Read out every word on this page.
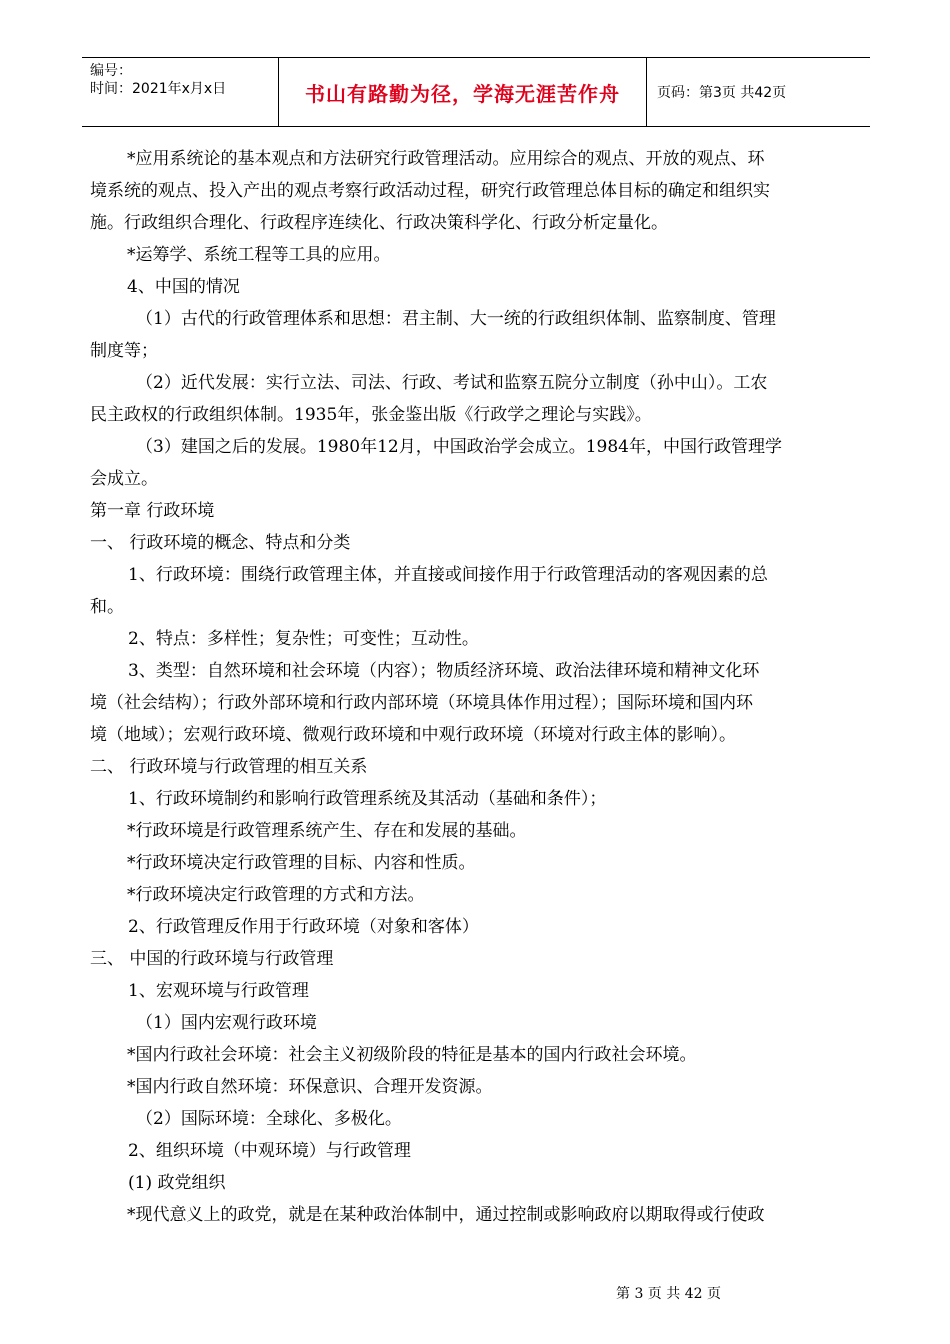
编号：
时间：2021年x月x日	书山有路勤为径，学海无涯苦作舟	页码：第3页 共42页
*应用系统论的基本观点和方法研究行政管理活动。应用综合的观点、开放的观点、环
境系统的观点、投入产出的观点考察行政活动过程，研究行政管理总体目标的确定和组织实
施。行政组织合理化、行政程序连续化、行政决策科学化、行政分析定量化。
*运筹学、系统工程等工具的应用。
4、中国的情况
（1）古代的行政管理体系和思想：君主制、大一统的行政组织体制、监察制度、管理
制度等；
（2）近代发展：实行立法、司法、行政、考试和监察五院分立制度（孙中山）。工农
民主政权的行政组织体制。1935年，张金鉴出版《行政学之理论与实践》。
（3）建国之后的发展。1980年12月，中国政治学会成立。1984年，中国行政管理学
会成立。
第一章 行政环境
一、 行政环境的概念、特点和分类
1、行政环境：围绕行政管理主体，并直接或间接作用于行政管理活动的客观因素的总
和。
2、特点：多样性；复杂性；可变性；互动性。
3、类型：自然环境和社会环境（内容）；物质经济环境、政治法律环境和精神文化环
境（社会结构）；行政外部环境和行政内部环境（环境具体作用过程）；国际环境和国内环
境（地域）；宏观行政环境、微观行政环境和中观行政环境（环境对行政主体的影响）。
二、 行政环境与行政管理的相互关系
1、行政环境制约和影响行政管理系统及其活动（基础和条件）；
*行政环境是行政管理系统产生、存在和发展的基础。
*行政环境决定行政管理的目标、内容和性质。
*行政环境决定行政管理的方式和方法。
2、行政管理反作用于行政环境（对象和客体）
三、 中国的行政环境与行政管理
1、宏观环境与行政管理
（1）国内宏观行政环境
*国内行政社会环境：社会主义初级阶段的特征是基本的国内行政社会环境。
*国内行政自然环境：环保意识、合理开发资源。
（2）国际环境：全球化、多极化。
2、组织环境（中观环境）与行政管理
(1) 政党组织
*现代意义上的政党，就是在某种政治体制中，通过控制或影响政府以期取得或行使政
第 3 页 共 42 页
